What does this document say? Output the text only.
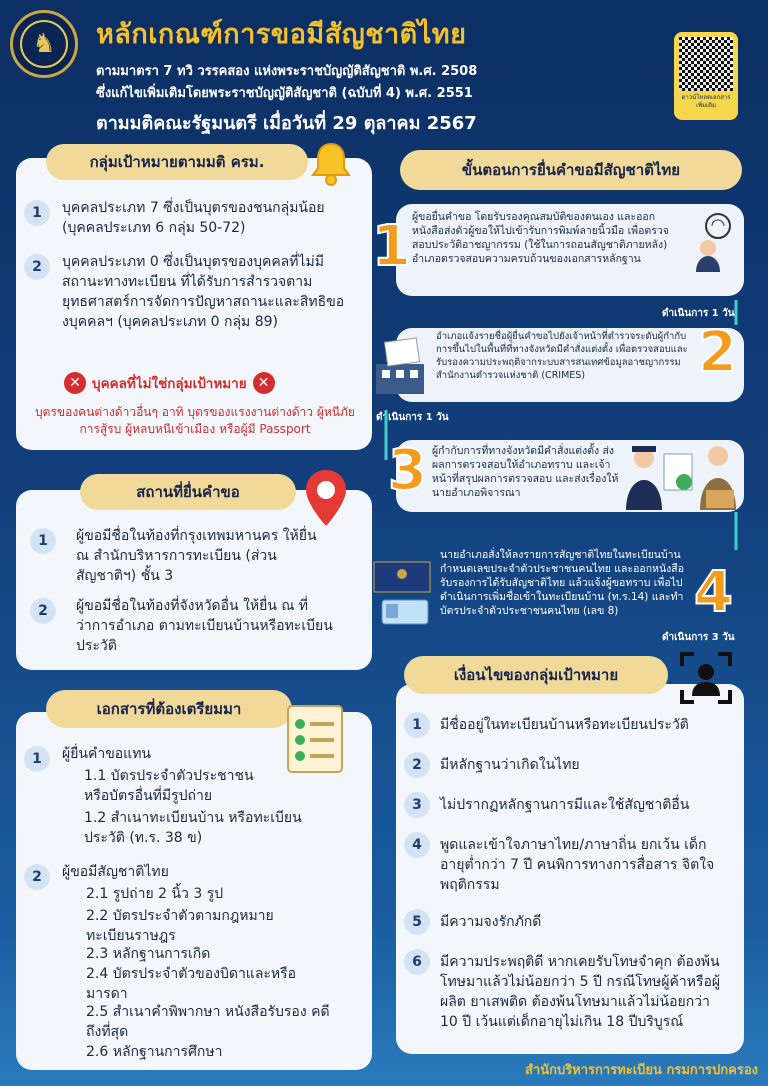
♞	หลักเกณฑ์การขอมีสัญชาติไทย
ตามมาตรา 7 ทวิ วรรคสอง แห่งพระราชบัญญัติสัญชาติ พ.ศ. 2508
ซึ่งแก้ไขเพิ่มเติมโดยพระราชบัญญัติสัญชาติ (ฉบับที่ 4) พ.ศ. 2551
ตามมติคณะรัฐมนตรี เมื่อวันที่ 29 ตุลาคม 2567
ดาวน์โหลดเอกสารเพิ่มเติม
กลุ่มเป้าหมายตามมติ ครม.
1	บุคคลประเภท 7 ซึ่งเป็นบุตรของชนกลุ่มน้อย (บุคคลประเภท 6 กลุ่ม 50-72)
2	บุคคลประเภท 0 ซึ่งเป็นบุตรของบุคคลที่ไม่มีสถานะทางทะเบียน ที่ได้รับการสำรวจตามยุทธศาสตร์การจัดการปัญหาสถานะและสิทธิของบุคคลฯ (บุคคลประเภท 0 กลุ่ม 89)
✕ บุคคลที่ไม่ใช่กลุ่มเป้าหมาย ✕
บุตรของคนต่างด้าวอื่นๆ อาทิ บุตรของแรงงานต่างด้าว ผู้หนีภัยการสู้รบ ผู้หลบหนีเข้าเมือง หรือผู้มี Passport
สถานที่ยื่นคำขอ
1	ผู้ขอมีชื่อในท้องที่กรุงเทพมหานคร ให้ยื่น ณ สำนักบริหารการทะเบียน (ส่วนสัญชาติฯ) ชั้น 3
2	ผู้ขอมีชื่อในท้องที่จังหวัดอื่น ให้ยื่น ณ ที่ว่าการอำเภอ ตามทะเบียนบ้านหรือทะเบียนประวัติ
เอกสารที่ต้องเตรียมมา
1	ผู้ยื่นคำขอแทน
1.1 บัตรประจำตัวประชาชน หรือบัตรอื่นที่มีรูปถ่าย
1.2 สำเนาทะเบียนบ้าน หรือทะเบียนประวัติ (ท.ร. 38 ข)
2	ผู้ขอมีสัญชาติไทย
2.1 รูปถ่าย 2 นิ้ว 3 รูป
2.2 บัตรประจำตัวตามกฎหมาย ทะเบียนราษฎร
2.3 หลักฐานการเกิด
2.4 บัตรประจำตัวของบิดาและหรือมารดา
2.5 สำเนาคำพิพากษา หนังสือรับรอง คดีถึงที่สุด
2.6 หลักฐานการศึกษา
ขั้นตอนการยื่นคำขอมีสัญชาติไทย
1 ผู้ขอยื่นคำขอ โดยรับรองคุณสมบัติของตนเอง และออกหนังสือส่งตัวผู้ขอให้ไปเข้ารับการพิมพ์ลายนิ้วมือ เพื่อตรวจสอบประวัติอาชญากรรม (ใช้ในการถอนสัญชาติภายหลัง) อำเภอตรวจสอบความครบถ้วนของเอกสารหลักฐาน
ดำเนินการ 1 วัน
2
อำเภอแจ้งรายชื่อผู้ยื่นคำขอไปยังเจ้าหน้าที่ตำรวจระดับผู้กำกับการขึ้นไปในพื้นที่ที่ทางจังหวัดมีคำสั่งแต่งตั้ง เพื่อตรวจสอบและรับรองความประพฤติจากระบบสารสนเทศข้อมูลอาชญากรรม สำนักงานตำรวจแห่งชาติ (CRIMES)
ดำเนินการ 1 วัน
3 ผู้กำกับการที่ทางจังหวัดมีคำสั่งแต่งตั้ง ส่งผลการตรวจสอบให้อำเภอทราบ และเจ้าหน้าที่สรุปผลการตรวจสอบ และส่งเรื่องให้นายอำเภอพิจารณา
4
นายอำเภอสั่งให้ลงรายการสัญชาติไทยในทะเบียนบ้าน กำหนดเลขประจำตัวประชาชนคนไทย และออกหนังสือรับรองการได้รับสัญชาติไทย แล้วแจ้งผู้ขอทราบ เพื่อไปดำเนินการเพิ่มชื่อเข้าในทะเบียนบ้าน (ท.ร.14) และทำบัตรประจำตัวประชาชนคนไทย (เลข 8)
ดำเนินการ 3 วัน
เงื่อนไขของกลุ่มเป้าหมาย
1	มีชื่ออยู่ในทะเบียนบ้านหรือทะเบียนประวัติ
2	มีหลักฐานว่าเกิดในไทย
3	ไม่ปรากฏหลักฐานการมีและใช้สัญชาติอื่น
4	พูดและเข้าใจภาษาไทย/ภาษาถิ่น ยกเว้น เด็กอายุต่ำกว่า 7 ปี คนพิการทางการสื่อสาร จิตใจ พฤติกรรม
5	มีความจงรักภักดี
6	มีความประพฤติดี หากเคยรับโทษจำคุก ต้องพ้นโทษมาแล้วไม่น้อยกว่า 5 ปี กรณีโทษผู้ค้าหรือผู้ผลิต ยาเสพติด ต้องพ้นโทษมาแล้วไม่น้อยกว่า 10 ปี เว้นแต่เด็กอายุไม่เกิน 18 ปีบริบูรณ์
สำนักบริหารการทะเบียน กรมการปกครอง
